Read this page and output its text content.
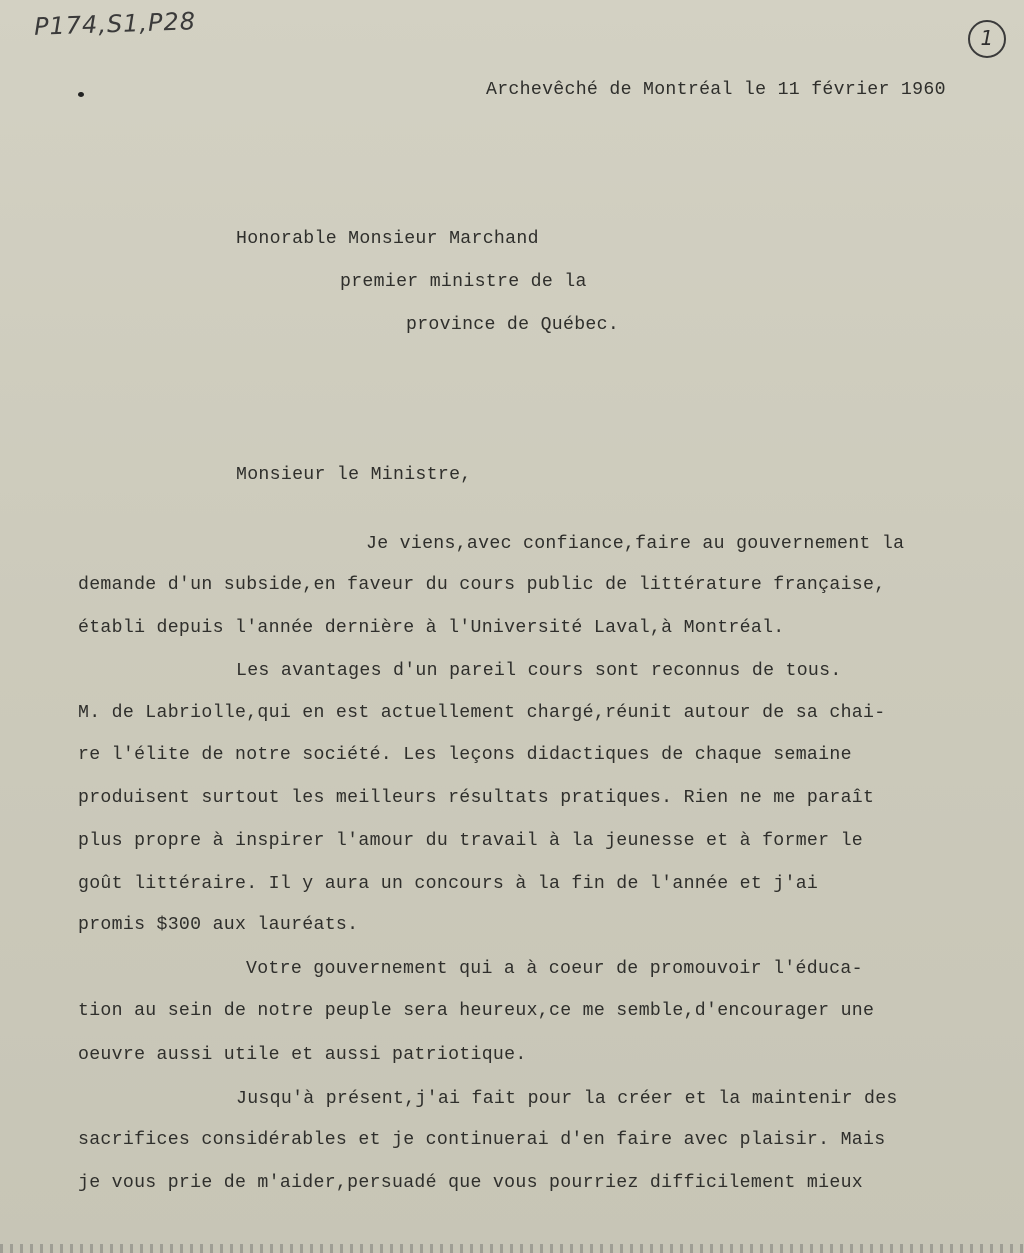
P174,S1,P28	1
Archevêché de Montréal le 11 février 1960
Honorable Monsieur Marchand
premier ministre de la
province de Québec.
Monsieur le Ministre,
Je viens,avec confiance,faire au gouvernement la
demande d'un subside,en faveur du cours public de littérature française,
établi depuis l'année dernière à l'Université Laval,à Montréal.
Les avantages d'un pareil cours sont reconnus de tous.
M. de Labriolle,qui en est actuellement chargé,réunit autour de sa chai-
re l'élite de notre société. Les leçons didactiques de chaque semaine
produisent surtout les meilleurs résultats pratiques. Rien ne me paraît
plus propre à inspirer l'amour du travail à la jeunesse et à former le
goût littéraire. Il y aura un concours à la fin de l'année et j'ai
promis $300 aux lauréats.
Votre gouvernement qui a à coeur de promouvoir l'éduca-
tion au sein de notre peuple sera heureux,ce me semble,d'encourager une
oeuvre aussi utile et aussi patriotique.
Jusqu'à présent,j'ai fait pour la créer et la maintenir des
sacrifices considérables et je continuerai d'en faire avec plaisir. Mais
je vous prie de m'aider,persuadé que vous pourriez difficilement mieux
